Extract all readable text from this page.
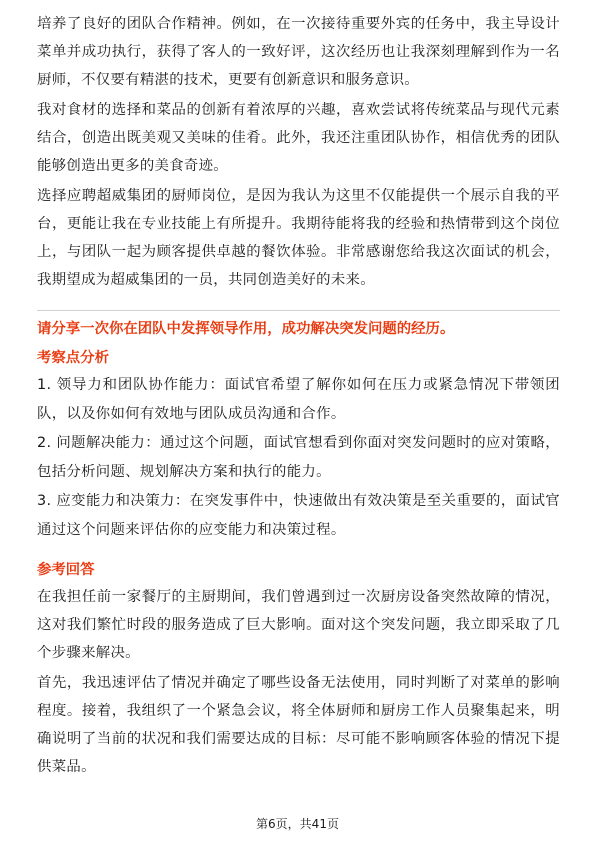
培养了良好的团队合作精神。例如，在一次接待重要外宾的任务中，我主导设计菜单并成功执行，获得了客人的一致好评，这次经历也让我深刻理解到作为一名厨师，不仅要有精湛的技术，更要有创新意识和服务意识。

我对食材的选择和菜品的创新有着浓厚的兴趣，喜欢尝试将传统菜品与现代元素结合，创造出既美观又美味的佳肴。此外，我还注重团队协作，相信优秀的团队能够创造出更多的美食奇迹。

选择应聘超威集团的厨师岗位，是因为我认为这里不仅能提供一个展示自我的平台，更能让我在专业技能上有所提升。我期待能将我的经验和热情带到这个岗位上，与团队一起为顾客提供卓越的餐饮体验。非常感谢您给我这次面试的机会，我期望成为超威集团的一员，共同创造美好的未来。

请分享一次你在团队中发挥领导作用，成功解决突发问题的经历。

考察点分析

1. 领导力和团队协作能力：面试官希望了解你如何在压力或紧急情况下带领团队，以及你如何有效地与团队成员沟通和合作。

2. 问题解决能力：通过这个问题，面试官想看到你面对突发问题时的应对策略，包括分析问题、规划解决方案和执行的能力。

3. 应变能力和决策力：在突发事件中，快速做出有效决策是至关重要的，面试官通过这个问题来评估你的应变能力和决策过程。

参考回答

在我担任前一家餐厅的主厨期间，我们曾遇到过一次厨房设备突然故障的情况，这对我们繁忙时段的服务造成了巨大影响。面对这个突发问题，我立即采取了几个步骤来解决。

首先，我迅速评估了情况并确定了哪些设备无法使用，同时判断了对菜单的影响程度。接着，我组织了一个紧急会议，将全体厨师和厨房工作人员聚集起来，明确说明了当前的状况和我们需要达成的目标：尽可能不影响顾客体验的情况下提供菜品。

第6页，共41页
